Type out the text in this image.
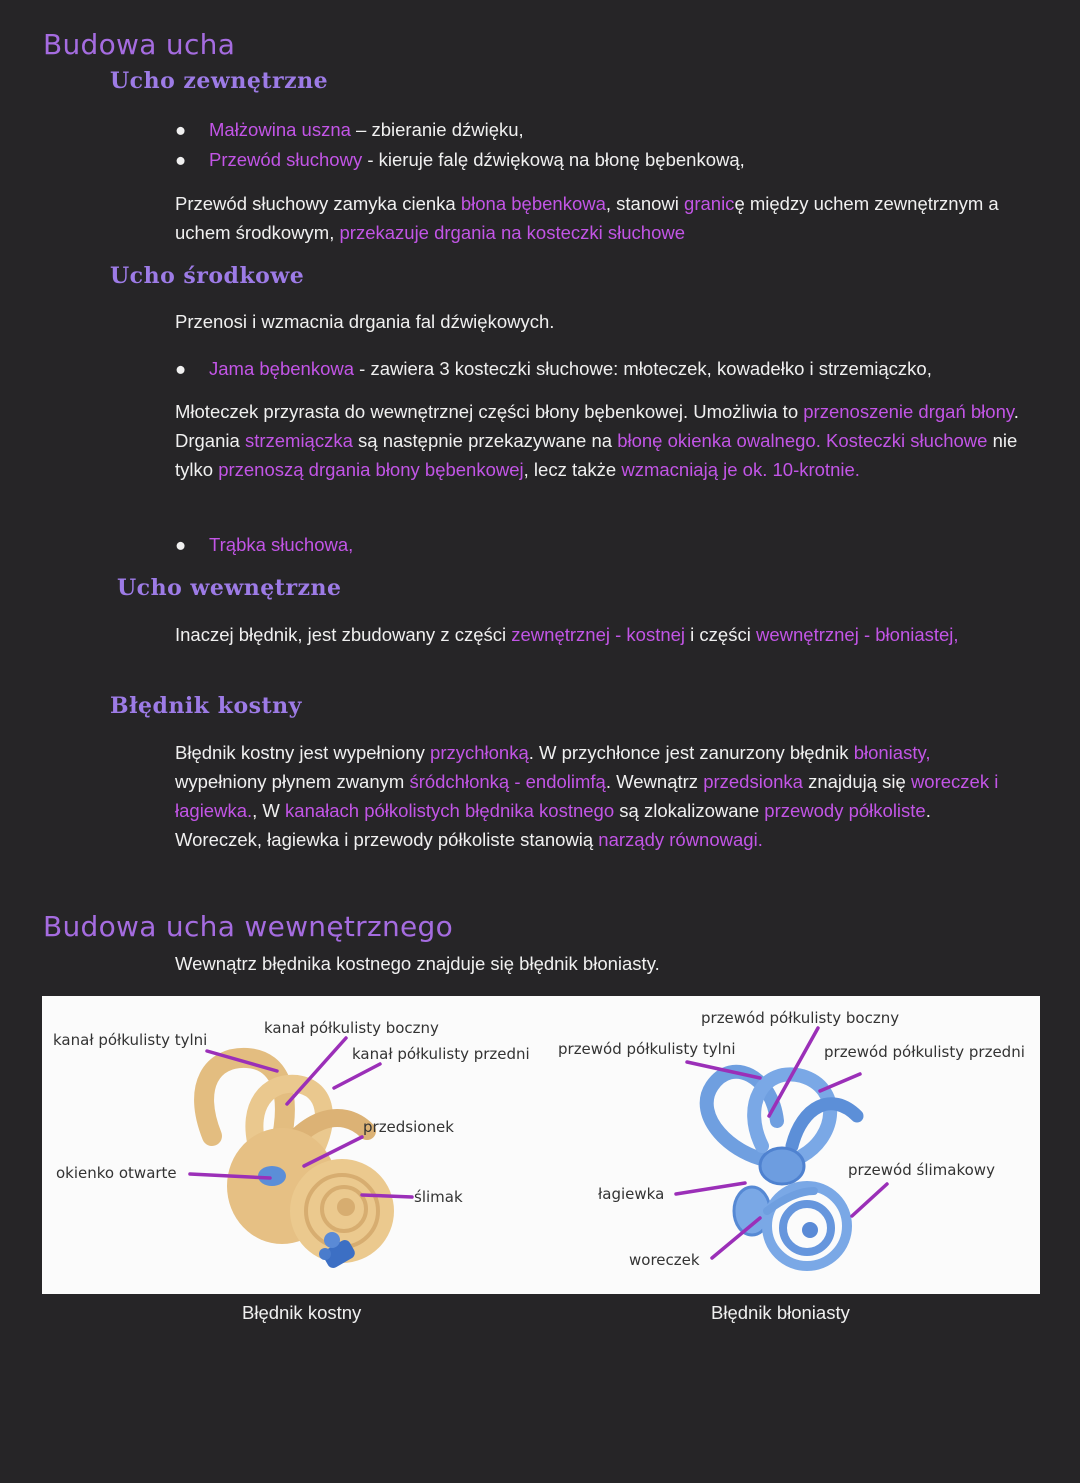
Budowa ucha
Ucho zewnętrzne
● Małżowina uszna – zbieranie dźwięku,
● Przewód słuchowy - kieruje falę dźwiękową na błonę bębenkową,

Przewód słuchowy zamyka cienka błona bębenkowa, stanowi granicę między uchem zewnętrznym a uchem środkowym, przekazuje drgania na kosteczki słuchowe

Ucho środkowe

Przenosi i wzmacnia drgania fal dźwiękowych.

● Jama bębenkowa - zawiera 3 kosteczki słuchowe: młoteczek, kowadełko i strzemiączko,

Młoteczek przyrasta do wewnętrznej części błony bębenkowej. Umożliwia to przenoszenie drgań błony. Drgania strzemiączka są następnie przekazywane na błonę okienka owalnego. Kosteczki słuchowe nie tylko przenoszą drgania błony bębenkowej, lecz także wzmacniają je ok. 10-krotnie.

● Trąbka słuchowa,
Ucho wewnętrzne

Inaczej błędnik, jest zbudowany z części zewnętrznej - kostnej i części wewnętrznej - błoniastej,

Błędnik kostny

Błędnik kostny jest wypełniony przychłonką. W przychłonce jest zanurzony błędnik błoniasty, wypełniony płynem zwanym śródchłonką - endolimfą. Wewnątrz przedsionka znajdują się woreczek i łagiewka., W kanałach półkolistych błędnika kostnego są zlokalizowane przewody półkoliste. Woreczek, łagiewka i przewody półkoliste stanowią narządy równowagi.

Budowa ucha wewnętrznego

Wewnątrz błędnika kostnego znajduje się błędnik błoniasty.

kanał półkulisty tylni
kanał półkulisty boczny
kanał półkulisty przedni
przedsionek
okienko otwarte
ślimak
przewód półkulisty boczny
przewód półkulisty tylni	przewód półkulisty przedni
przewód ślimakowy
łagiewka
woreczek

Błędnik kostny	Błędnik błoniasty
